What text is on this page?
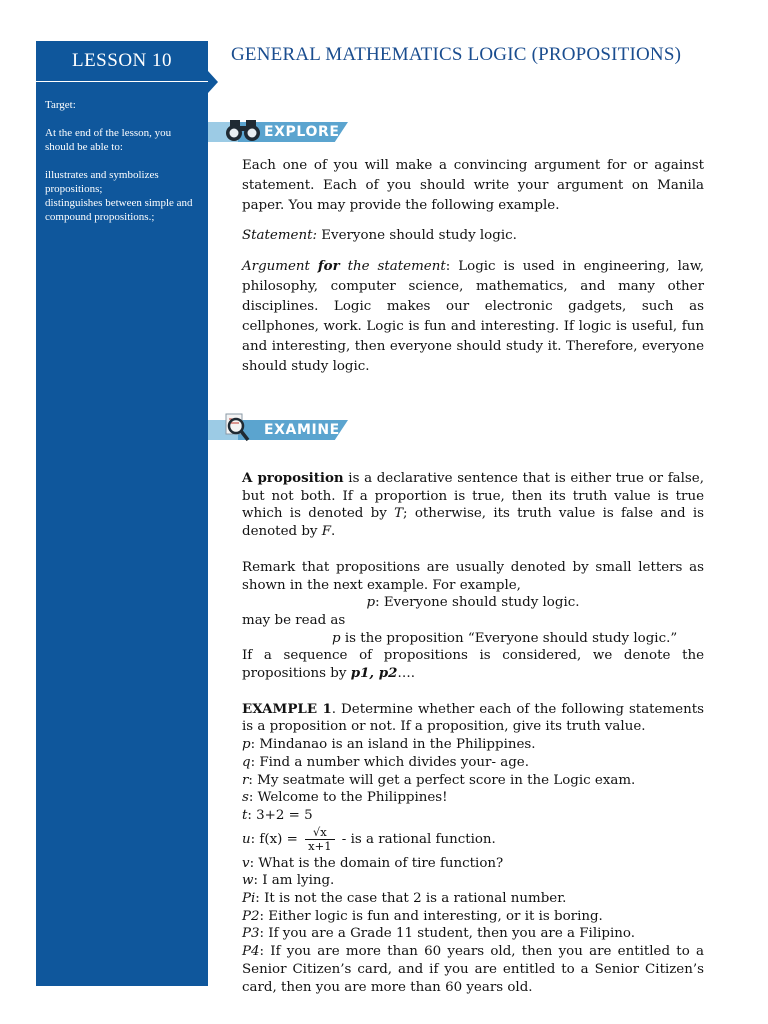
LESSON 10

Target:

At the end of the lesson, you should be able to:

illustrates and symbolizes propositions;

distinguishes between simple and compound propositions.;

GENERAL MATHEMATICS LOGIC (PROPOSITIONS)
EXPLORE

Each one of you will make a convincing argument for or against statement. Each of you should write your argument on Manila paper. You may provide the following example.

Statement: Everyone should study logic.

Argument for the statement: Logic is used in engineering, law, philosophy, computer science, mathematics, and many other disciplines. Logic makes our electronic gadgets, such as cellphones, work. Logic is fun and interesting. If logic is useful, fun and interesting, then everyone should study it. Therefore, everyone should study logic.

EXAMINE

A proposition is a declarative sentence that is either true or false, but not both. If a proportion is true, then its truth value is true which is denoted by T; otherwise, its truth value is false and is denoted by F.

Remark that propositions are usually denoted by small letters as shown in the next example. For example,

p: Everyone should study logic.

may be read as

p is the proposition “Everyone should study logic.”

If a sequence of propositions is considered, we denote the propositions by p1, p2….

EXAMPLE 1. Determine whether each of the following statements is a proposition or not. If a proposition, give its truth value.

p: Mindanao is an island in the Philippines.

q: Find a number which divides your- age.

r: My seatmate will get a perfect score in the Logic exam.

s: Welcome to the Philippines!

t: 3+2 = 5

u: $f(x) = \frac{√x}{x+1}$ - is a rational function.

v: What is the domain of tire function?

w: I am lying.

Pi: It is not the case that 2 is a rational number.

P2: Either logic is fun and interesting, or it is boring.

P3: If you are a Grade 11 student, then you are a Filipino.

P4: If you are more than 60 years old, then you are entitled to a Senior Citizen’s card, and if you are entitled to a Senior Citizen’s card, then you are more than 60 years old.
